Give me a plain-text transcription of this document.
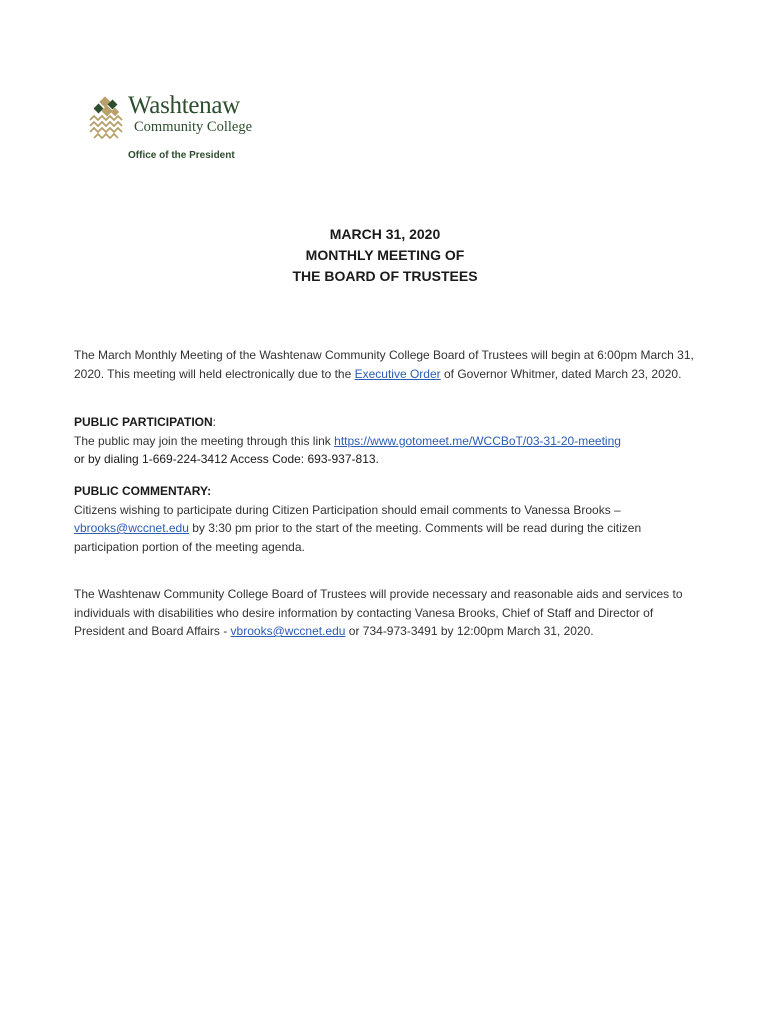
Washtenaw
Community College
Office of the President
MARCH 31, 2020
MONTHLY MEETING OF
THE BOARD OF TRUSTEES

The March Monthly Meeting of the Washtenaw Community College Board of Trustees will begin at 6:00pm March 31, 2020. This meeting will held electronically due to the Executive Order of Governor Whitmer, dated March 23, 2020.

PUBLIC PARTICIPATION:
The public may join the meeting through this link https://www.gotomeet.me/WCCBoT/03-31-20-meeting
or by dialing 1-669-224-3412 Access Code: 693-937-813.

PUBLIC COMMENTARY:
Citizens wishing to participate during Citizen Participation should email comments to Vanessa Brooks – vbrooks@wccnet.edu by 3:30 pm prior to the start of the meeting. Comments will be read during the citizen participation portion of the meeting agenda.

The Washtenaw Community College Board of Trustees will provide necessary and reasonable aids and services to individuals with disabilities who desire information by contacting Vanesa Brooks, Chief of Staff and Director of President and Board Affairs - vbrooks@wccnet.edu or 734-973-3491 by 12:00pm March 31, 2020.
